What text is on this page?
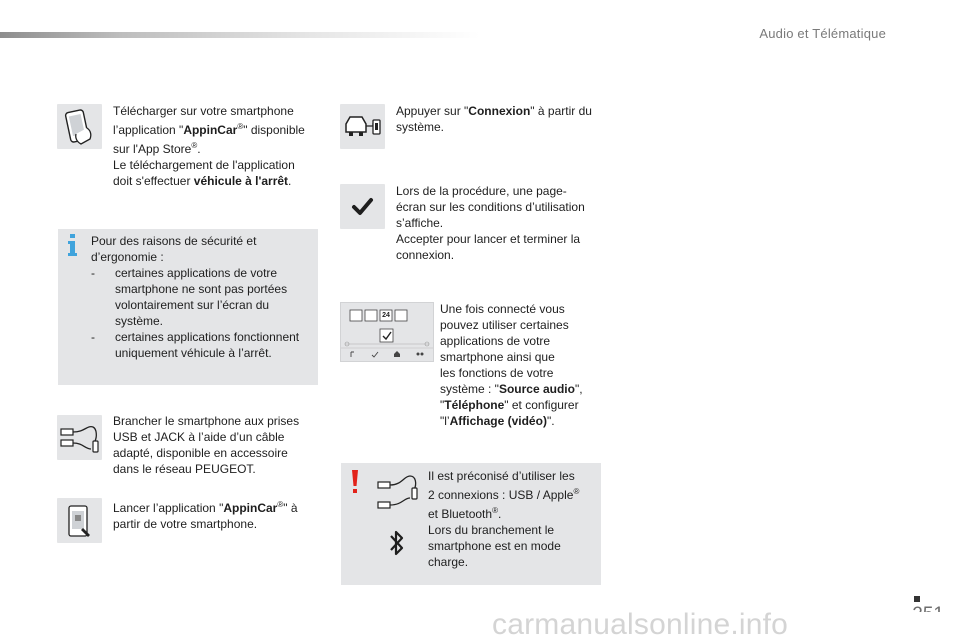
Audio et Télématique
Télécharger sur votre smartphone
l’application "AppinCar®" disponible
sur l'App Store®.
Le téléchargement de l'application
doit s'effectuer véhicule à l'arrêt.
Pour des raisons de sécurité et
d’ergonomie :
-	certaines applications de votre
smartphone ne sont pas portées
volontairement sur l’écran du
système.
-	certaines applications fonctionnent
uniquement véhicule à l’arrêt.
Brancher le smartphone aux prises
USB et JACK à l’aide d’un câble
adapté, disponible en accessoire
dans le réseau PEUGEOT.
Lancer l’application "AppinCar®" à
partir de votre smartphone.
Appuyer sur "Connexion" à partir du
système.
Lors de la procédure, une page-
écran sur les conditions d’utilisation
s’affiche.
Accepter pour lancer et terminer la
connexion.
24	Une fois connecté vous
pouvez utiliser certaines
applications de votre
smartphone ainsi que
les fonctions de votre
système : "Source audio",
"Téléphone" et configurer
"l’Affichage (vidéo)".
Il est préconisé d’utiliser les
2 connexions : USB / Apple®
et Bluetooth®.
Lors du branchement le
smartphone est en mode
charge.
carmanualsonline.info
